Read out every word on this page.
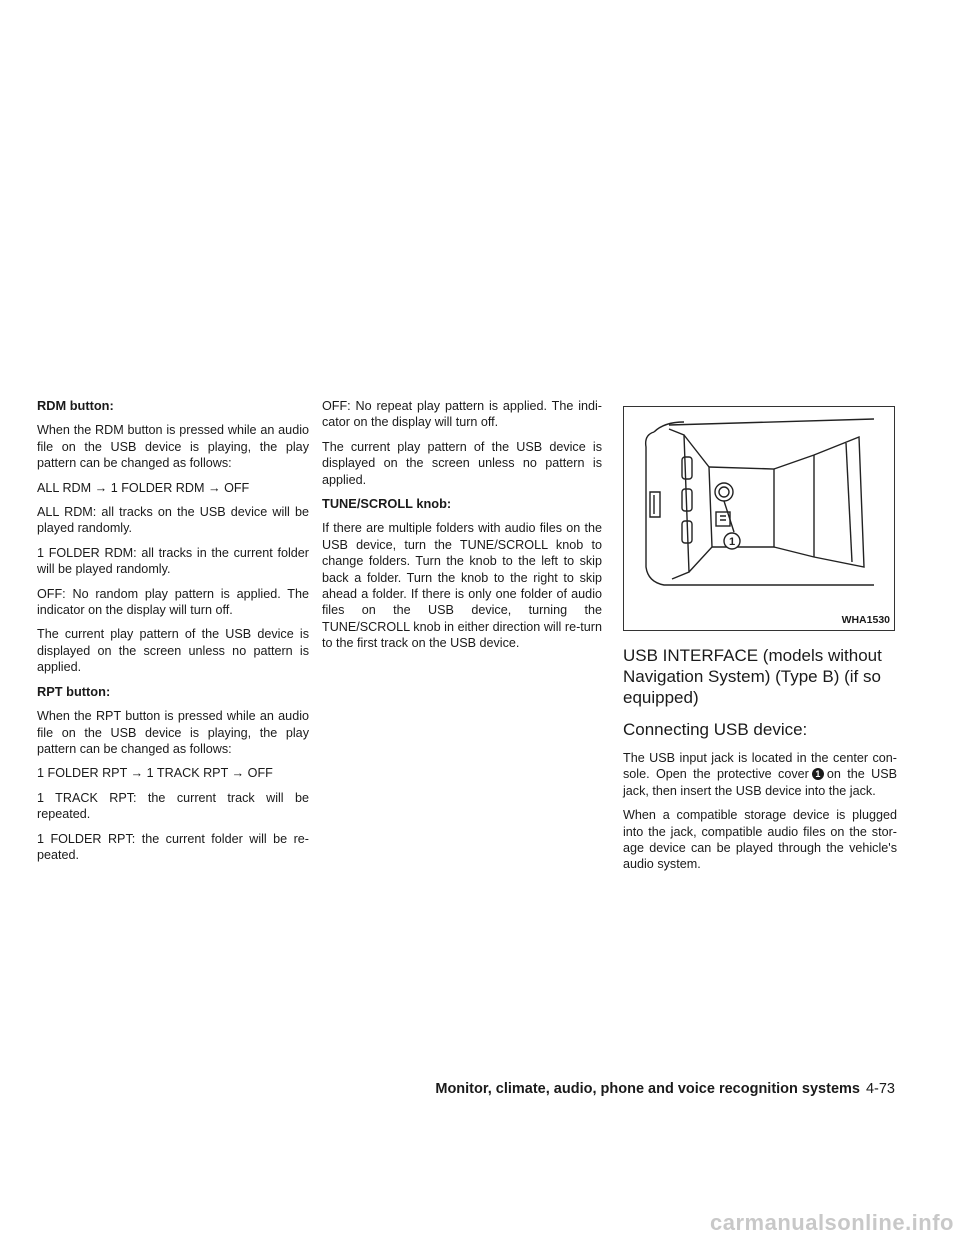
RDM button:

When the RDM button is pressed while an audio file on the USB device is playing, the play pattern can be changed as follows:

ALL RDM → 1 FOLDER RDM → OFF

ALL RDM: all tracks on the USB device will be played randomly.

1 FOLDER RDM: all tracks in the current folder will be played randomly.

OFF: No random play pattern is applied. The indicator on the display will turn off.

The current play pattern of the USB device is displayed on the screen unless no pattern is applied.

RPT button:

When the RPT button is pressed while an audio file on the USB device is playing, the play pattern can be changed as follows:

1 FOLDER RPT → 1 TRACK RPT → OFF

1 TRACK RPT: the current track will be repeated.

1 FOLDER RPT: the current folder will be re-peated.

OFF: No repeat play pattern is applied. The indi-cator on the display will turn off.

The current play pattern of the USB device is displayed on the screen unless no pattern is applied.

TUNE/SCROLL knob:

If there are multiple folders with audio files on the USB device, turn the TUNE/SCROLL knob to change folders. Turn the knob to the left to skip back a folder. Turn the knob to the right to skip ahead a folder. If there is only one folder of audio files on the USB device, turning the TUNE/SCROLL knob in either direction will re-turn to the first track on the USB device.

1
WHA1530
USB INTERFACE (models without Navigation System) (Type B) (if so equipped)
Connecting USB device:

The USB input jack is located in the center con-sole. Open the protective cover 1 on the USB jack, then insert the USB device into the jack.

When a compatible storage device is plugged into the jack, compatible audio files on the stor-age device can be played through the vehicle's audio system.

Monitor, climate, audio, phone and voice recognition systems 4-73
carmanualsonline.info
